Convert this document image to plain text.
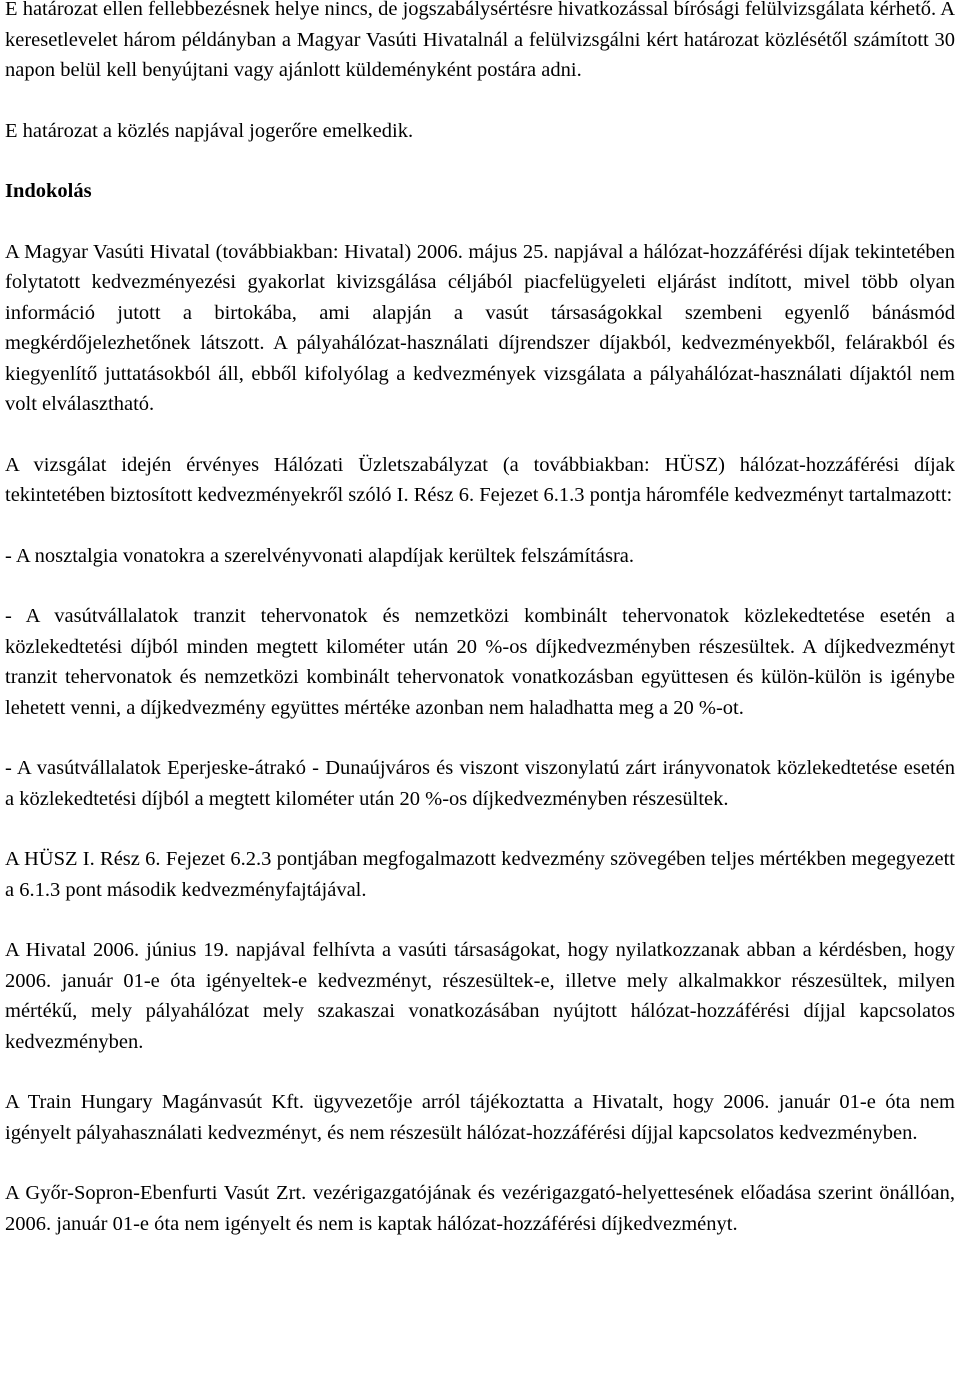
E határozat ellen fellebbezésnek helye nincs, de jogszabálysértésre hivatkozással bírósági felülvizsgálata kérhető. A keresetlevelet három példányban a Magyar Vasúti Hivatalnál a felülvizsgálni kért határozat közlésétől számított 30 napon belül kell benyújtani vagy ajánlott küldeményként postára adni.

E határozat a közlés napjával jogerőre emelkedik.

Indokolás

A Magyar Vasúti Hivatal (továbbiakban: Hivatal) 2006. május 25. napjával a hálózat-hozzáférési díjak tekintetében folytatott kedvezményezési gyakorlat kivizsgálása céljából piacfelügyeleti eljárást indított, mivel több olyan információ jutott a birtokába, ami alapján a vasút társaságokkal szembeni egyenlő bánásmód megkérdőjelezhetőnek látszott. A pályahálózat-használati díjrendszer díjakból, kedvezményekből, felárakból és kiegyenlítő juttatásokból áll, ebből kifolyólag a kedvezmények vizsgálata a pályahálózat-használati díjaktól nem volt elválasztható.

A vizsgálat idején érvényes Hálózati Üzletszabályzat (a továbbiakban: HÜSZ) hálózat-hozzáférési díjak tekintetében biztosított kedvezményekről szóló I. Rész 6. Fejezet 6.1.3 pontja háromféle kedvezményt tartalmazott:

- A nosztalgia vonatokra a szerelvényvonati alapdíjak kerültek felszámításra.

- A vasútvállalatok tranzit tehervonatok és nemzetközi kombinált tehervonatok közlekedtetése esetén a közlekedtetési díjból minden megtett kilométer után 20 %-os díjkedvezményben részesültek. A díjkedvezményt tranzit tehervonatok és nemzetközi kombinált tehervonatok vonatkozásban együttesen és külön-külön is igénybe lehetett venni, a díjkedvezmény együttes mértéke azonban nem haladhatta meg a 20 %-ot.

- A vasútvállalatok Eperjeske-átrakó - Dunaújváros és viszont viszonylatú zárt irányvonatok közlekedtetése esetén a közlekedtetési díjból a megtett kilométer után 20 %-os díjkedvezményben részesültek.

A HÜSZ I. Rész 6. Fejezet 6.2.3 pontjában megfogalmazott kedvezmény szövegében teljes mértékben megegyezett a 6.1.3 pont második kedvezményfajtájával.

A Hivatal 2006. június 19. napjával felhívta a vasúti társaságokat, hogy nyilatkozzanak abban a kérdésben, hogy 2006. január 01-e óta igényeltek-e kedvezményt, részesültek-e, illetve mely alkalmakkor részesültek, milyen mértékű, mely pályahálózat mely szakaszai vonatkozásában nyújtott hálózat-hozzáférési díjjal kapcsolatos kedvezményben.

A Train Hungary Magánvasút Kft. ügyvezetője arról tájékoztatta a Hivatalt, hogy 2006. január 01-e óta nem igényelt pályahasználati kedvezményt, és nem részesült hálózat-hozzáférési díjjal kapcsolatos kedvezményben.

A Győr-Sopron-Ebenfurti Vasút Zrt. vezérigazgatójának és vezérigazgató-helyettesének előadása szerint önállóan, 2006. január 01-e óta nem igényelt és nem is kaptak hálózat-hozzáférési díjkedvezményt.
